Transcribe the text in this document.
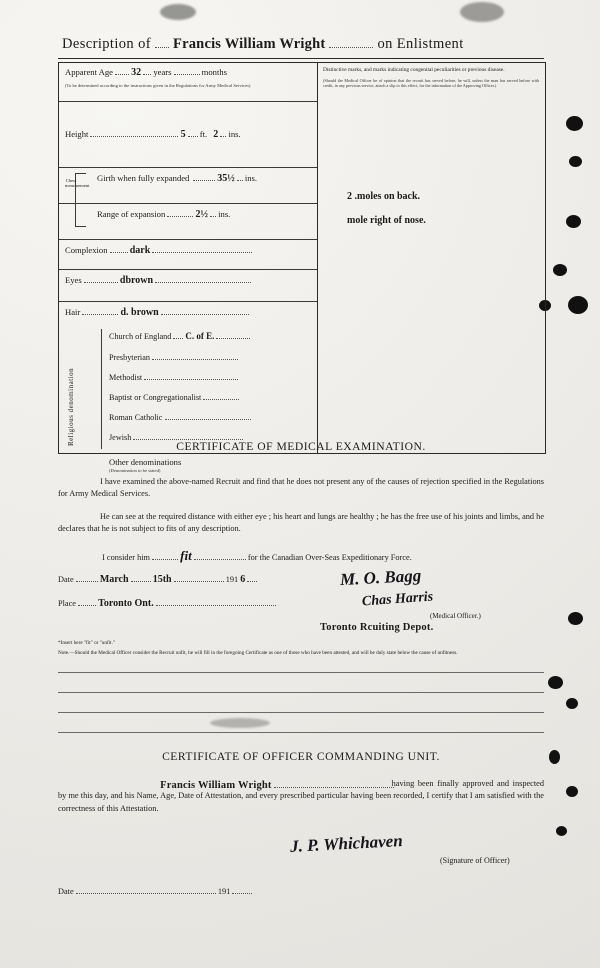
Description of Francis William Wright	on Enlistment
Apparent Age 32 years	months
(To be determined according to the instructions given in the Regulations for Army Medical Services)
Height	5 ft. 2 ins.
Chest measurement
Girth when fully expanded	35½ ins.
Range of expansion	2½ ins.
Complexion dark
Eyes	dbrown
Hair	d. brown
Religious denomination
Church of England C. of E.
Presbyterian
Methodist
Baptist or Congregationalist
Roman Catholic
Jewish
Other denominations
(Denomination to be stated)
Distinctive marks, and marks indicating congenital peculiarities or previous disease.
(Should the Medical Officer be of opinion that the recruit has served before, he will, unless the man has served before with credit, in any previous service, attach a slip to this effect, for the information of the Approving Officer.)
2 .moles on back.
mole right of nose.
CERTIFICATE OF MEDICAL EXAMINATION.
I have examined the above-named Recruit and find that he does not present any of the causes of rejection specified in the Regulations for Army Medical Services.
He can see at the required distance with either eye ; his heart and lungs are healthy ; he has the free use of his joints and limbs, and he declares that he is not subject to fits of any description.
I consider him fit	for the Canadian Over-Seas Expeditionary Force.
Date	March 15th	191 6
Place Toronto Ont.
M. O. Bagg
Chas Harris
(Medical Officer.)
Toronto Rcuiting Depot.
*Insert here "fit" or "unfit."
Note.—Should the Medical Officer consider the Recruit unfit, he will fill in the foregoing Certificate as one of those who have been attested, and will be duly state below the cause of unfitness.
CERTIFICATE OF OFFICER COMMANDING UNIT.
Francis William Wright	having been finally approved and inspected by me this day, and his Name, Age, Date of Attestation, and every prescribed particular having been recorded, I certify that I am satisfied with the correctness of this Attestation.
J. P. Whichaven
(Signature of Officer)
Date	191
